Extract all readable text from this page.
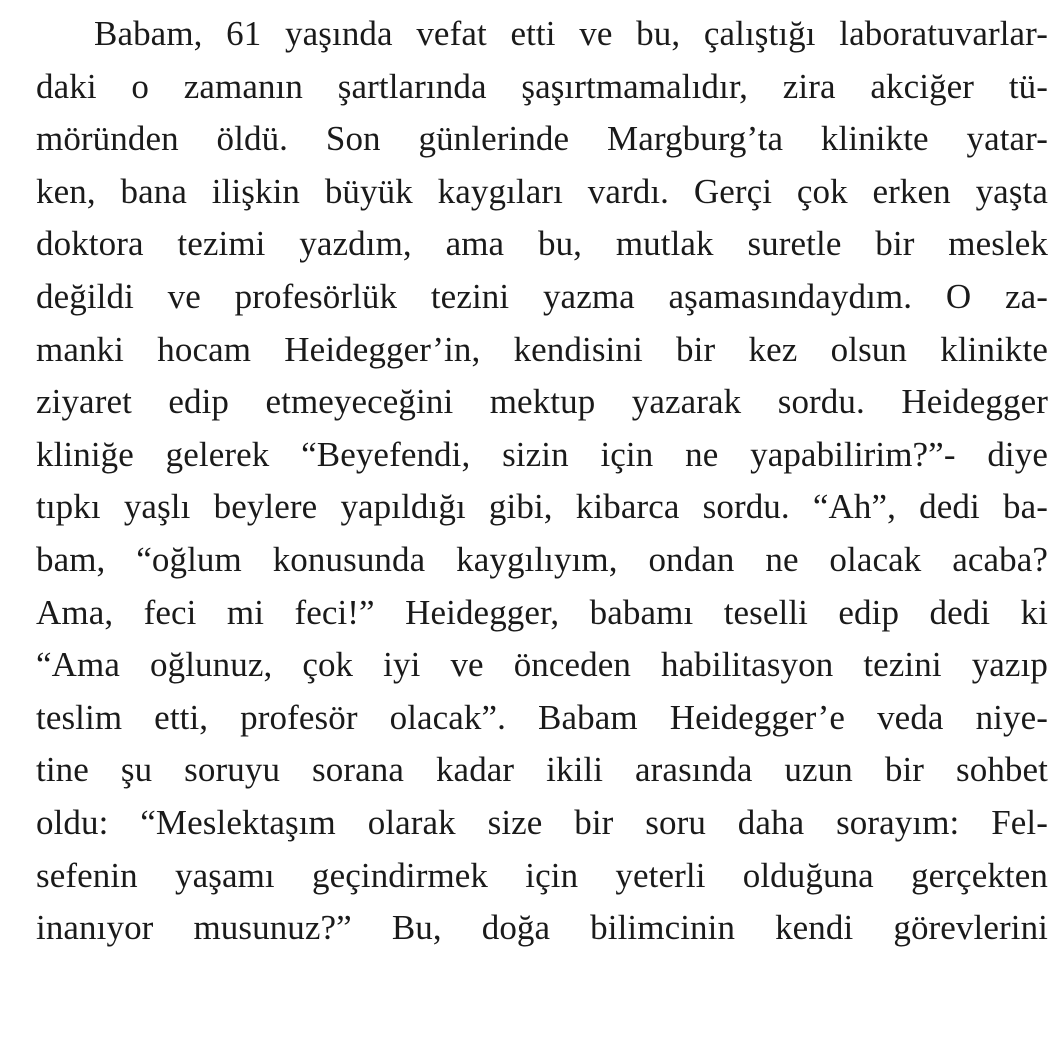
Babam, 61 yaşında vefat etti ve bu, çalıştığı laboratuvarlar-
daki o zamanın şartlarında şaşırtmamalıdır, zira akciğer tü-
möründen öldü. Son günlerinde Margburg’ta klinikte yatar-
ken, bana ilişkin büyük kaygıları vardı. Gerçi çok erken yaşta
doktora tezimi yazdım, ama bu, mutlak suretle bir meslek
değildi ve profesörlük tezini yazma aşamasındaydım. O za-
manki hocam Heidegger’in, kendisini bir kez olsun klinikte
ziyaret edip etmeyeceğini mektup yazarak sordu. Heidegger
kliniğe gelerek “Beyefendi, sizin için ne yapabilirim?”- diye
tıpkı yaşlı beylere yapıldığı gibi, kibarca sordu. “Ah”, dedi ba-
bam, “oğlum konusunda kaygılıyım, ondan ne olacak acaba?
Ama, feci mi feci!” Heidegger, babamı teselli edip dedi ki
“Ama oğlunuz, çok iyi ve önceden habilitasyon tezini yazıp
teslim etti, profesör olacak”. Babam Heidegger’e veda niye-
tine şu soruyu sorana kadar ikili arasında uzun bir sohbet
oldu: “Meslektaşım olarak size bir soru daha sorayım: Fel-
sefenin yaşamı geçindirmek için yeterli olduğuna gerçekten
inanıyor musunuz?” Bu, doğa bilimcinin kendi görevlerini
